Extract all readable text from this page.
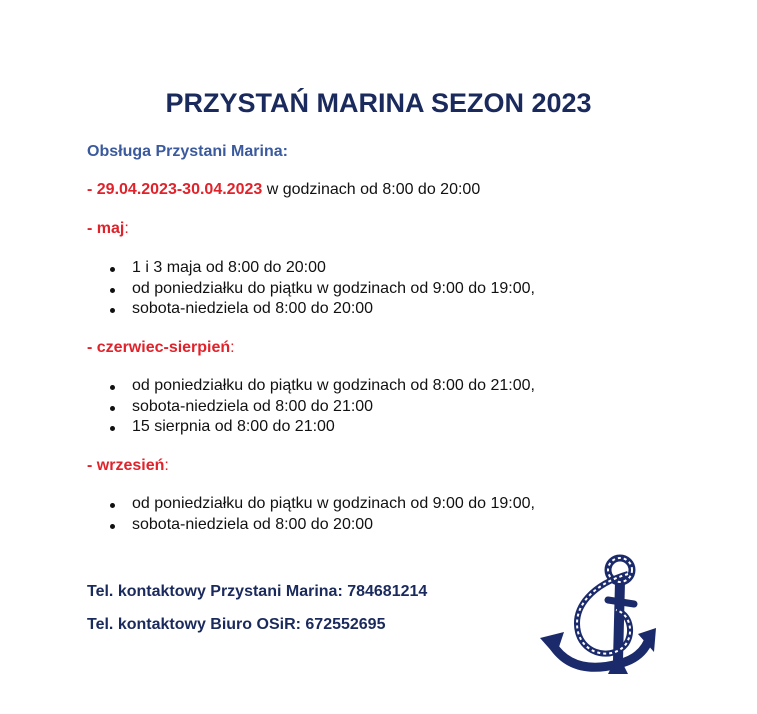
PRZYSTAŃ MARINA SEZON 2023
Obsługa Przystani Marina:
- 29.04.2023-30.04.2023 w godzinach od 8:00 do 20:00
- maj:
1 i 3 maja od 8:00 do 20:00
od poniedziałku do piątku w godzinach od 9:00 do 19:00,
sobota-niedziela od 8:00 do 20:00
- czerwiec-sierpień:
od poniedziałku do piątku w godzinach od 8:00 do 21:00,
sobota-niedziela od 8:00 do 21:00
15 sierpnia od 8:00 do 21:00
- wrzesień:
od poniedziałku do piątku w godzinach od 9:00 do 19:00,
sobota-niedziela od 8:00 do 20:00
Tel. kontaktowy Przystani Marina: 784681214
Tel. kontaktowy Biuro OSiR: 672552695
